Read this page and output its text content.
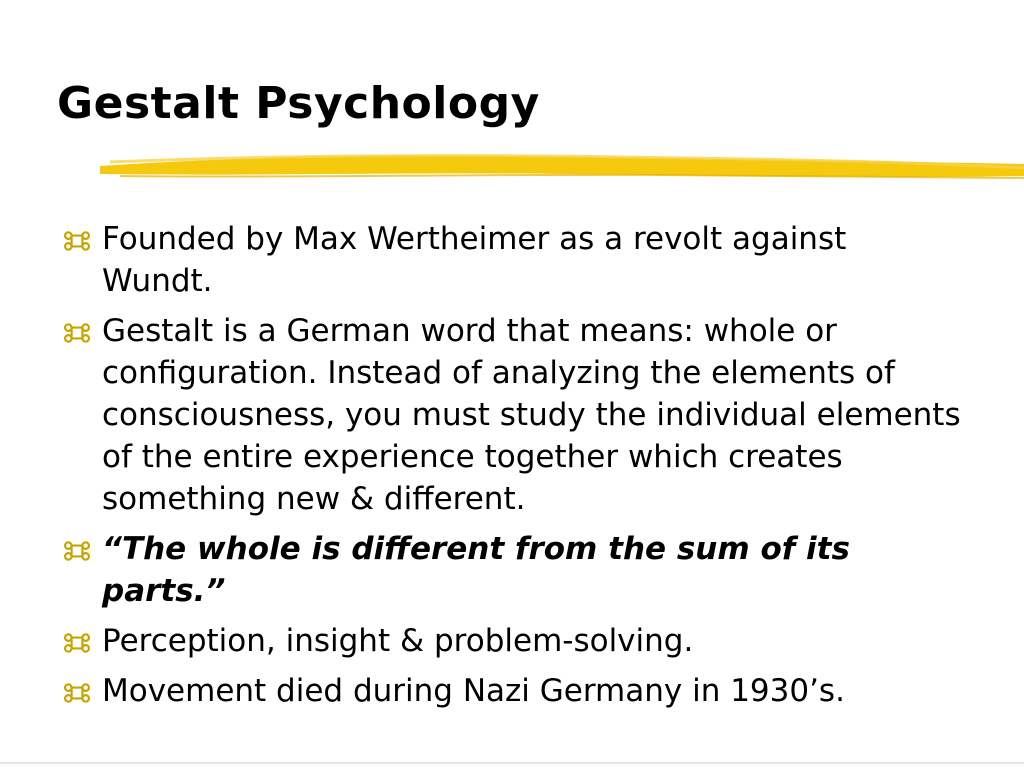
Gestalt Psychology
Founded by Max Wertheimer as a revolt against Wundt.
Gestalt is a German word that means: whole or configuration. Instead of analyzing the elements of consciousness, you must study the individual elements of the entire experience together which creates something new & different.
“The whole is different from the sum of its parts.”
Perception, insight & problem-solving.
Movement died during Nazi Germany in 1930’s.
